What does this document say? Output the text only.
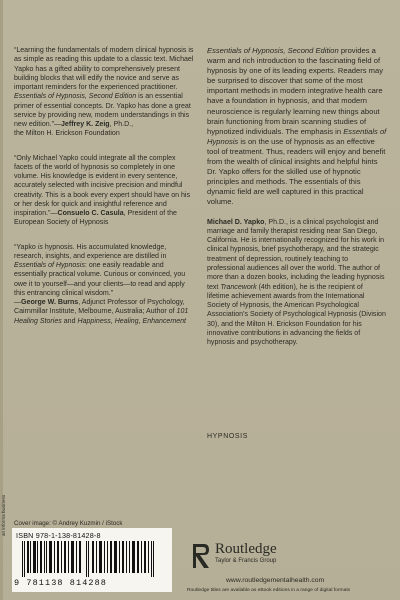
“Learning the fundamentals of modern clinical hypnosis is as simple as reading this update to a classic text. Michael Yapko has a gifted ability to comprehensively present building blocks that will edify the novice and serve as important reminders for the experienced practitioner. Essentials of Hypnosis, Second Edition is an essential primer of essential concepts. Dr. Yapko has done a great service by providing new, modern understandings in this new edition.”—Jeffrey K. Zeig, Ph.D.,
the Milton H. Erickson Foundation

“Only Michael Yapko could integrate all the complex facets of the world of hypnosis so completely in one volume. His knowledge is evident in every sentence, accurately selected with incisive precision and mindful creativity. This is a book every expert should have on his or her desk for quick and insightful reference and inspiration.”—Consuelo C. Casula, President of the European Society of Hypnosis

“Yapko is hypnosis. His accumulated knowledge, research, insights, and experience are distilled in Essentials of Hypnosis: one easily readable and essentially practical volume. Curious or convinced, you owe it to yourself—and your clients—to read and apply this entrancing clinical wisdom.”
—George W. Burns, Adjunct Professor of Psychology, Cairnmillar Institute, Melbourne, Australia; Author of 101 Healing Stories and Happiness, Healing, Enhancement

Essentials of Hypnosis, Second Edition provides a warm and rich introduction to the fascinating field of hypnosis by one of its leading experts. Readers may be surprised to discover that some of the most important methods in modern integrative health care have a foundation in hypnosis, and that modern neuroscience is regularly learning new things about brain functioning from brain scanning studies of hypnotized individuals. The emphasis in Essentials of Hypnosis is on the use of hypnosis as an effective tool of treatment. Thus, readers will enjoy and benefit from the wealth of clinical insights and helpful hints Dr. Yapko offers for the skilled use of hypnotic principles and methods. The essentials of this dynamic field are well captured in this practical volume.

Michael D. Yapko, Ph.D., is a clinical psychologist and marriage and family therapist residing near San Diego, California. He is internationally recognized for his work in clinical hypnosis, brief psychotherapy, and the strategic treatment of depression, routinely teaching to professional audiences all over the world. The author of more than a dozen books, including the leading hypnosis text Trancework (4th edition), he is the recipient of lifetime achievement awards from the International Society of Hypnosis, the American Psychological Association’s Society of Psychological Hypnosis (Division 30), and the Milton H. Erickson Foundation for his innovative contributions in advancing the fields of hypnosis and psychotherapy.

HYPNOSIS
Cover image: © Andrey Kuzmin / iStock
an informa business ISBN 978-1-138-81428-8
9 781138 814288
Routledge
Taylor & Francis Group
www.routledgementalhealth.com
Routledge titles are available as eBook editions in a range of digital formats
